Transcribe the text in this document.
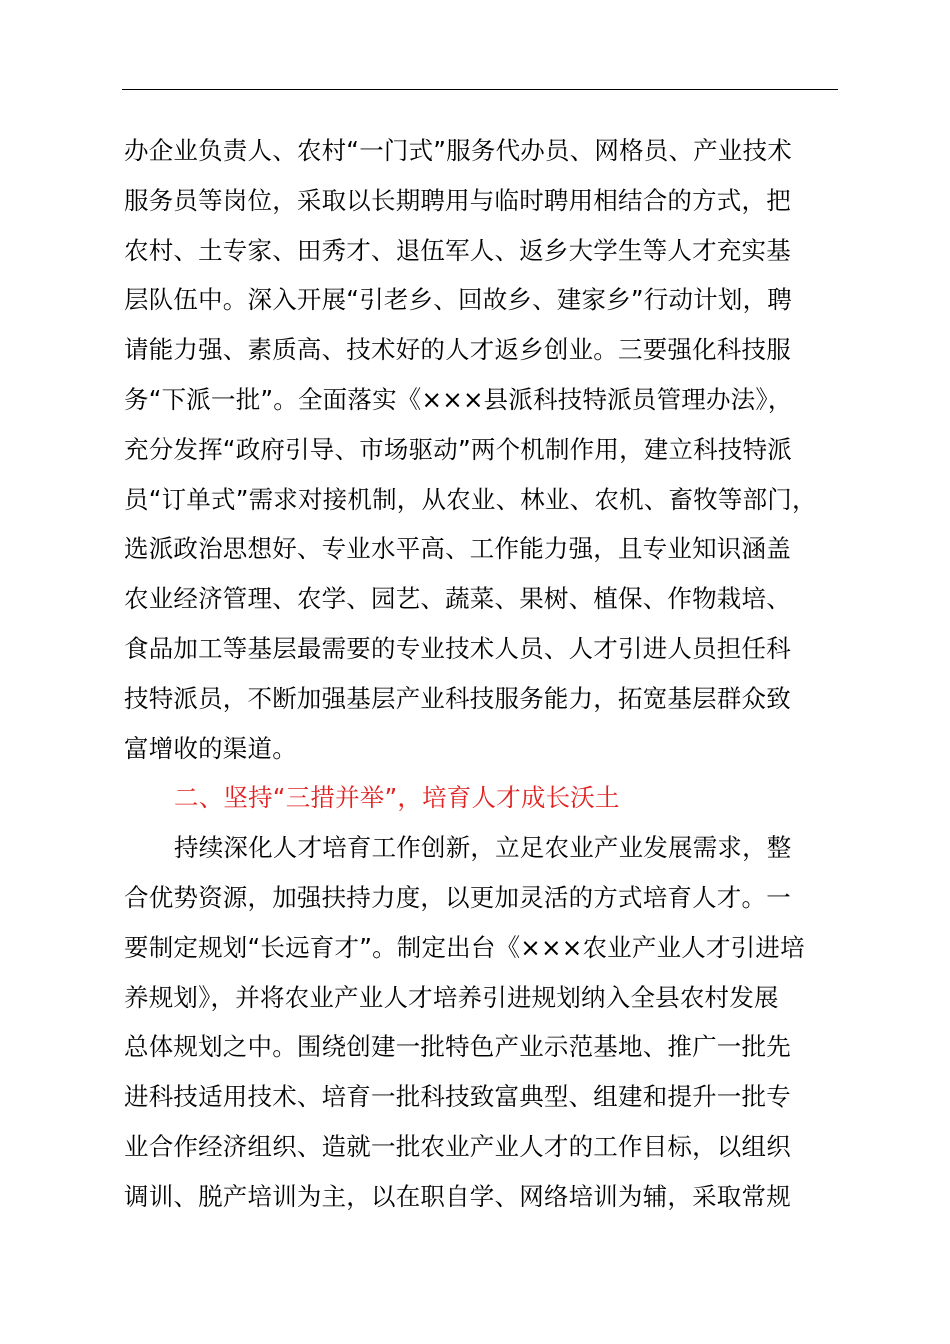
办企业负责人、农村“一门式”服务代办员、网格员、产业技术
服务员等岗位，采取以长期聘用与临时聘用相结合的方式，把
农村、土专家、田秀才、退伍军人、返乡大学生等人才充实基
层队伍中。深入开展“引老乡、回故乡、建家乡”行动计划，聘
请能力强、素质高、技术好的人才返乡创业。三要强化科技服
务“下派一批”。全面落实《×××县派科技特派员管理办法》，
充分发挥“政府引导、市场驱动”两个机制作用，建立科技特派
员“订单式”需求对接机制，从农业、林业、农机、畜牧等部门，
选派政治思想好、专业水平高、工作能力强，且专业知识涵盖
农业经济管理、农学、园艺、蔬菜、果树、植保、作物栽培、
食品加工等基层最需要的专业技术人员、人才引进人员担任科
技特派员，不断加强基层产业科技服务能力，拓宽基层群众致
富增收的渠道。
二、坚持“三措并举”，培育人才成长沃土
持续深化人才培育工作创新，立足农业产业发展需求，整
合优势资源，加强扶持力度，以更加灵活的方式培育人才。一
要制定规划“长远育才”。制定出台《×××农业产业人才引进培
养规划》，并将农业产业人才培养引进规划纳入全县农村发展
总体规划之中。围绕创建一批特色产业示范基地、推广一批先
进科技适用技术、培育一批科技致富典型、组建和提升一批专
业合作经济组织、造就一批农业产业人才的工作目标，以组织
调训、脱产培训为主，以在职自学、网络培训为辅，采取常规
